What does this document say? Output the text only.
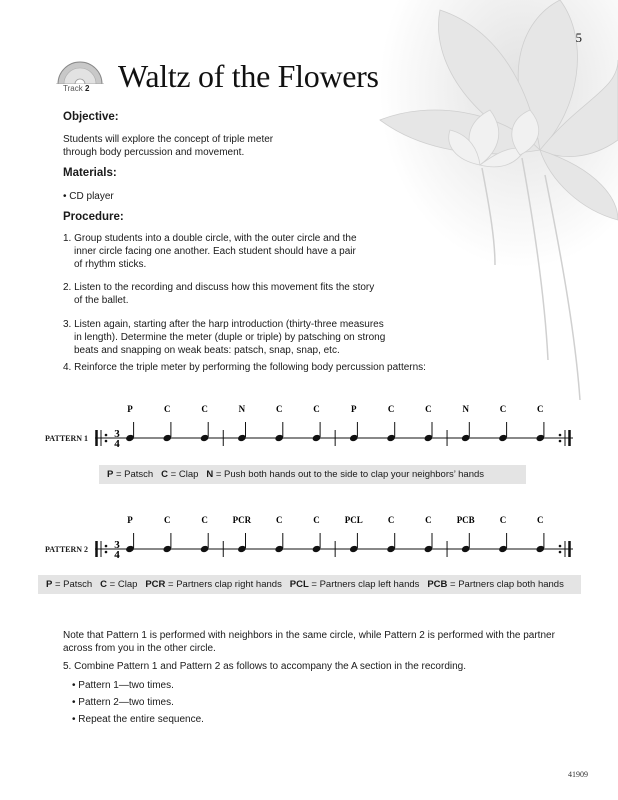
5
Track 2 Waltz of the Flowers
Objective:
Students will explore the concept of triple meter
through body percussion and movement.
Materials:
• CD player
Procedure:
1. Group students into a double circle, with the outer circle and the
inner circle facing one another. Each student should have a pair
of rhythm sticks.
2. Listen to the recording and discuss how this movement fits the story
of the ballet.
3. Listen again, starting after the harp introduction (thirty-three measures
in length). Determine the meter (duple or triple) by patsching on strong
beats and snapping on weak beats: patsch, snap, snap, etc.
4. Reinforce the triple meter by performing the following body percussion patterns:
PATTERN 1 3
4
P	C	C	N	C	C	P	C	C	N	C	C
P = Patsch C = Clap N = Push both hands out to the side to clap your neighbors’ hands
PATTERN 2 3
4
P	C	C	PCR	C	C	PCL	C	C	PCB	C	C
P = Patsch C = Clap PCR = Partners clap right hands PCL = Partners clap left hands PCB = Partners clap both hands
Note that Pattern 1 is performed with neighbors in the same circle, while Pattern 2 is performed with the partner
across from you in the other circle.
5. Combine Pattern 1 and Pattern 2 as follows to accompany the A section in the recording.
• Pattern 1—two times.
• Pattern 2—two times.
• Repeat the entire sequence.
41909
